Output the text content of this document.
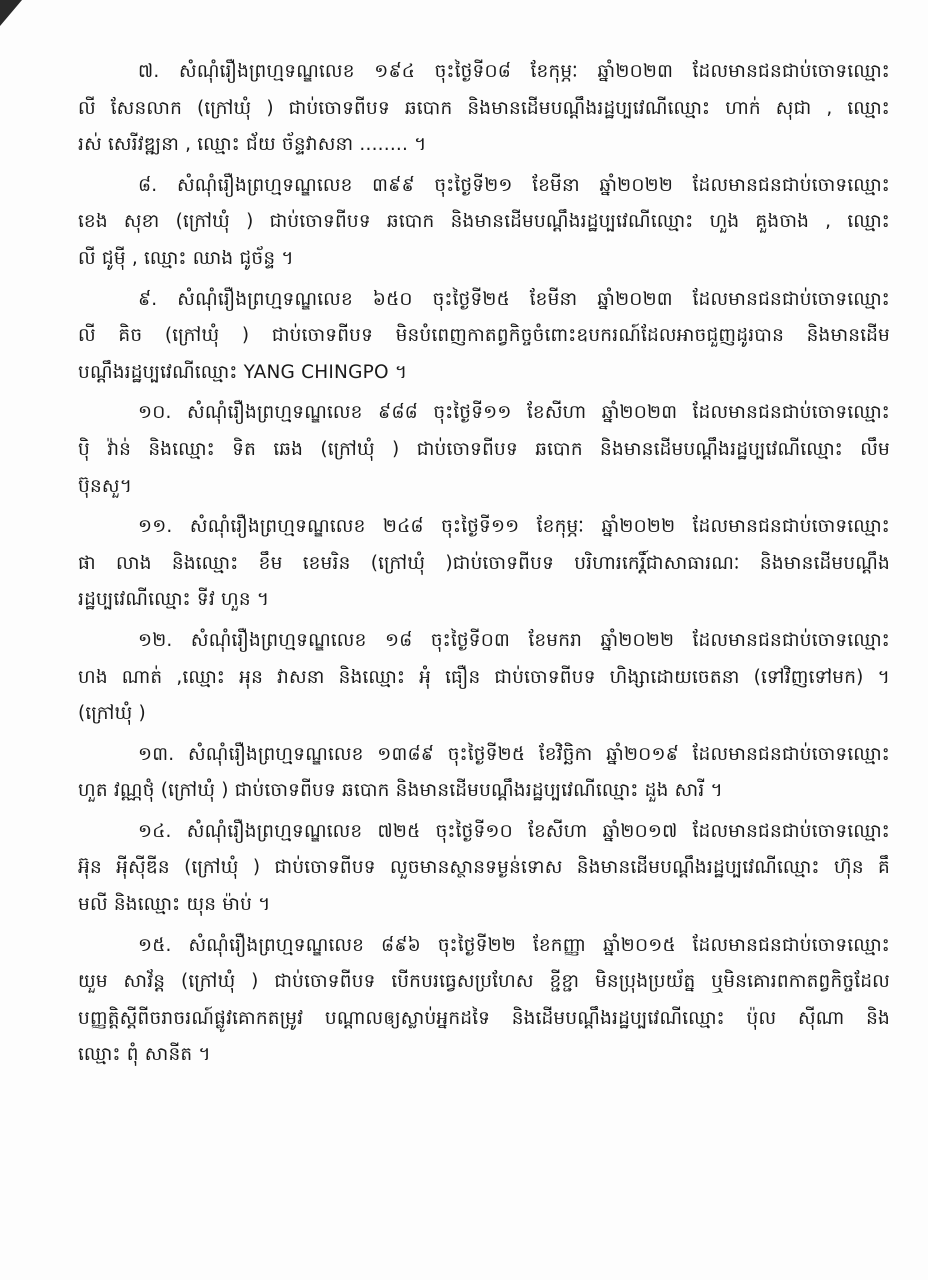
៧. សំណុំរឿងព្រហ្មទណ្ឌលេខ ១៩៤ ចុះថ្ងៃទី០៨ ខែកុម្ភៈ ឆ្នាំ២០២៣ ដែលមានជនជាប់ចោទឈ្មោះ
លី សែនលាក (ក្រៅឃុំ ) ជាប់ចោទពីបទ ឆបោក និងមានដើមបណ្តឹងរដ្ឋប្បវេណីឈ្មោះ ហាក់ សុជា , ឈ្មោះ
រស់ សេរីវឌ្ឍនា , ឈ្មោះ ជ័យ ច័ន្ទវាសនា ........ ។
៨. សំណុំរឿងព្រហ្មទណ្ឌលេខ ៣៩៩ ចុះថ្ងៃទី២១ ខែមីនា ឆ្នាំ២០២២ ដែលមានជនជាប់ចោទឈ្មោះ
ខេង សុខា (ក្រៅឃុំ ) ជាប់ចោទពីបទ ឆបោក និងមានដើមបណ្តឹងរដ្ឋប្បវេណីឈ្មោះ ហួង គួងចាង , ឈ្មោះ
លី ជូមុី , ឈ្មោះ ឈាង ជូច័ន្ទ ។
៩. សំណុំរឿងព្រហ្មទណ្ឌលេខ ៦៥០ ចុះថ្ងៃទី២៥ ខែមីនា ឆ្នាំ២០២៣ ដែលមានជនជាប់ចោទឈ្មោះ
លី គិច (ក្រៅឃុំ ) ជាប់ចោទពីបទ មិនបំពេញកាតព្វកិច្ចចំពោះឧបករណ៍ដែលអាចជួញដូរបាន និងមានដើម
បណ្តឹងរដ្ឋប្បវេណីឈ្មោះ YANG CHINGPO ។
១០. សំណុំរឿងព្រហ្មទណ្ឌលេខ ៩៨៨ ចុះថ្ងៃទី១១ ខែសីហា ឆ្នាំ២០២៣ ដែលមានជនជាប់ចោទឈ្មោះ
ប៉ិ វ៉ាន់ និងឈ្មោះ ទិត ឆេង (ក្រៅឃុំ ) ជាប់ចោទពីបទ ឆបោក និងមានដើមបណ្តឹងរដ្ឋប្បវេណីឈ្មោះ លឹម
ប៊ុនសួ។
១១. សំណុំរឿងព្រហ្មទណ្ឌលេខ ២៤៨ ចុះថ្ងៃទី១១ ខែកុម្ភៈ ឆ្នាំ២០២២ ដែលមានជនជាប់ចោទឈ្មោះ
ផា លាង និងឈ្មោះ ខឹម ខេមរិន (ក្រៅឃុំ )ជាប់ចោទពីបទ បរិហារកេរ្តិ៍ជាសាធារណៈ និងមានដើមបណ្តឹង
រដ្ឋប្បវេណីឈ្មោះ ទីវ ហួន ។
១២. សំណុំរឿងព្រហ្មទណ្ឌលេខ ១៨ ចុះថ្ងៃទី០៣ ខែមករា ឆ្នាំ២០២២ ដែលមានជនជាប់ចោទឈ្មោះ
ហង ណាត់ ,ឈ្មោះ អុន វាសនា និងឈ្មោះ អុំ ធឿន ជាប់ចោទពីបទ ហិង្សាដោយចេតនា (ទៅវិញទៅមក) ។
(ក្រៅឃុំ )
១៣. សំណុំរឿងព្រហ្មទណ្ឌលេខ ១៣៨៩ ចុះថ្ងៃទី២៥ ខែវិច្ឆិកា ឆ្នាំ២០១៩ ដែលមានជនជាប់ចោទឈ្មោះ
ហួត វណ្ណថុំ (ក្រៅឃុំ ) ជាប់ចោទពីបទ ឆបោក និងមានដើមបណ្តឹងរដ្ឋប្បវេណីឈ្មោះ ដួង សារី ។
១៤. សំណុំរឿងព្រហ្មទណ្ឌលេខ ៧២៥ ចុះថ្ងៃទី១០ ខែសីហា ឆ្នាំ២០១៧ ដែលមានជនជាប់ចោទឈ្មោះ
អ៊ុន អុីស៊ីឌីន (ក្រៅឃុំ ) ជាប់ចោទពីបទ លួចមានស្ថានទម្ងន់ទោស និងមានដើមបណ្តឹងរដ្ឋប្បវេណីឈ្មោះ ហ៊ុន គឹ
មលី និងឈ្មោះ យុន ម៉ាប់ ។
១៥. សំណុំរឿងព្រហ្មទណ្ឌលេខ ៨៩៦ ចុះថ្ងៃទី២២ ខែកញ្ញា ឆ្នាំ២០១៥ ដែលមានជនជាប់ចោទឈ្មោះ
យួម សាវ័ន្ត (ក្រៅឃុំ ) ជាប់ចោទពីបទ បើកបរធ្វេសប្រហែស ខ្ជីខ្ជា មិនប្រុងប្រយ័ត្ន ឬមិនគោរពកាតព្វកិច្ចដែល
បញ្ញត្តិស្តីពីចរាចរណ៍ផ្លូវគោកតម្រូវ បណ្តាលឲ្យស្លាប់អ្នកដទៃ និងដើមបណ្តឹងរដ្ឋប្បវេណីឈ្មោះ ប៉ុល ស៊ីណា និង
ឈ្មោះ ពុំ សានីត ។
